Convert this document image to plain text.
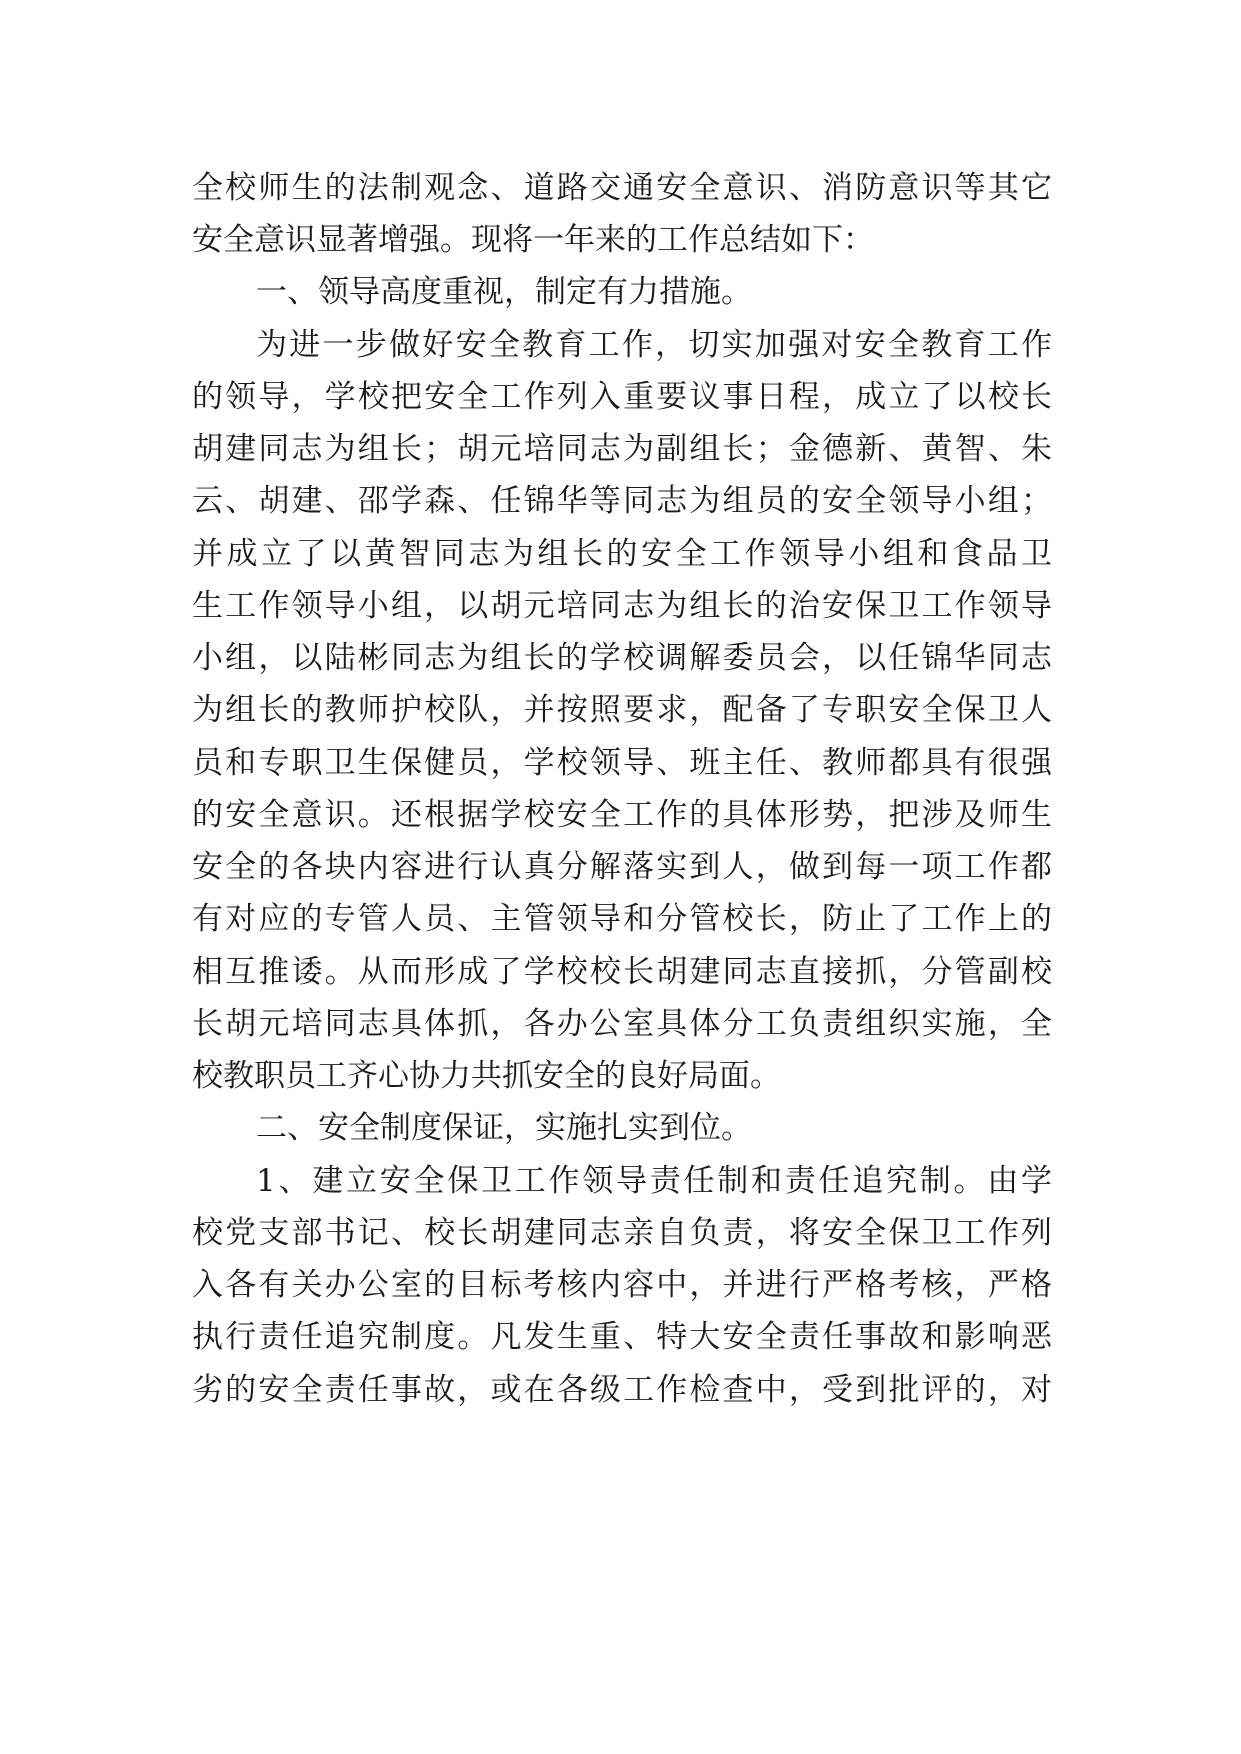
全校师生的法制观念、道路交通安全意识、消防意识等其它
安全意识显著增强。现将一年来的工作总结如下：
一、领导高度重视，制定有力措施。
为进一步做好安全教育工作，切实加强对安全教育工作
的领导，学校把安全工作列入重要议事日程，成立了以校长
胡建同志为组长；胡元培同志为副组长；金德新、黄智、朱
云、胡建、邵学森、任锦华等同志为组员的安全领导小组；
并成立了以黄智同志为组长的安全工作领导小组和食品卫
生工作领导小组，以胡元培同志为组长的治安保卫工作领导
小组，以陆彬同志为组长的学校调解委员会，以任锦华同志
为组长的教师护校队，并按照要求，配备了专职安全保卫人
员和专职卫生保健员，学校领导、班主任、教师都具有很强
的安全意识。还根据学校安全工作的具体形势，把涉及师生
安全的各块内容进行认真分解落实到人，做到每一项工作都
有对应的专管人员、主管领导和分管校长，防止了工作上的
相互推诿。从而形成了学校校长胡建同志直接抓，分管副校
长胡元培同志具体抓，各办公室具体分工负责组织实施，全
校教职员工齐心协力共抓安全的良好局面。
二、安全制度保证，实施扎实到位。
1、建立安全保卫工作领导责任制和责任追究制。由学
校党支部书记、校长胡建同志亲自负责，将安全保卫工作列
入各有关办公室的目标考核内容中，并进行严格考核，严格
执行责任追究制度。凡发生重、特大安全责任事故和影响恶
劣的安全责任事故，或在各级工作检查中，受到批评的，对
